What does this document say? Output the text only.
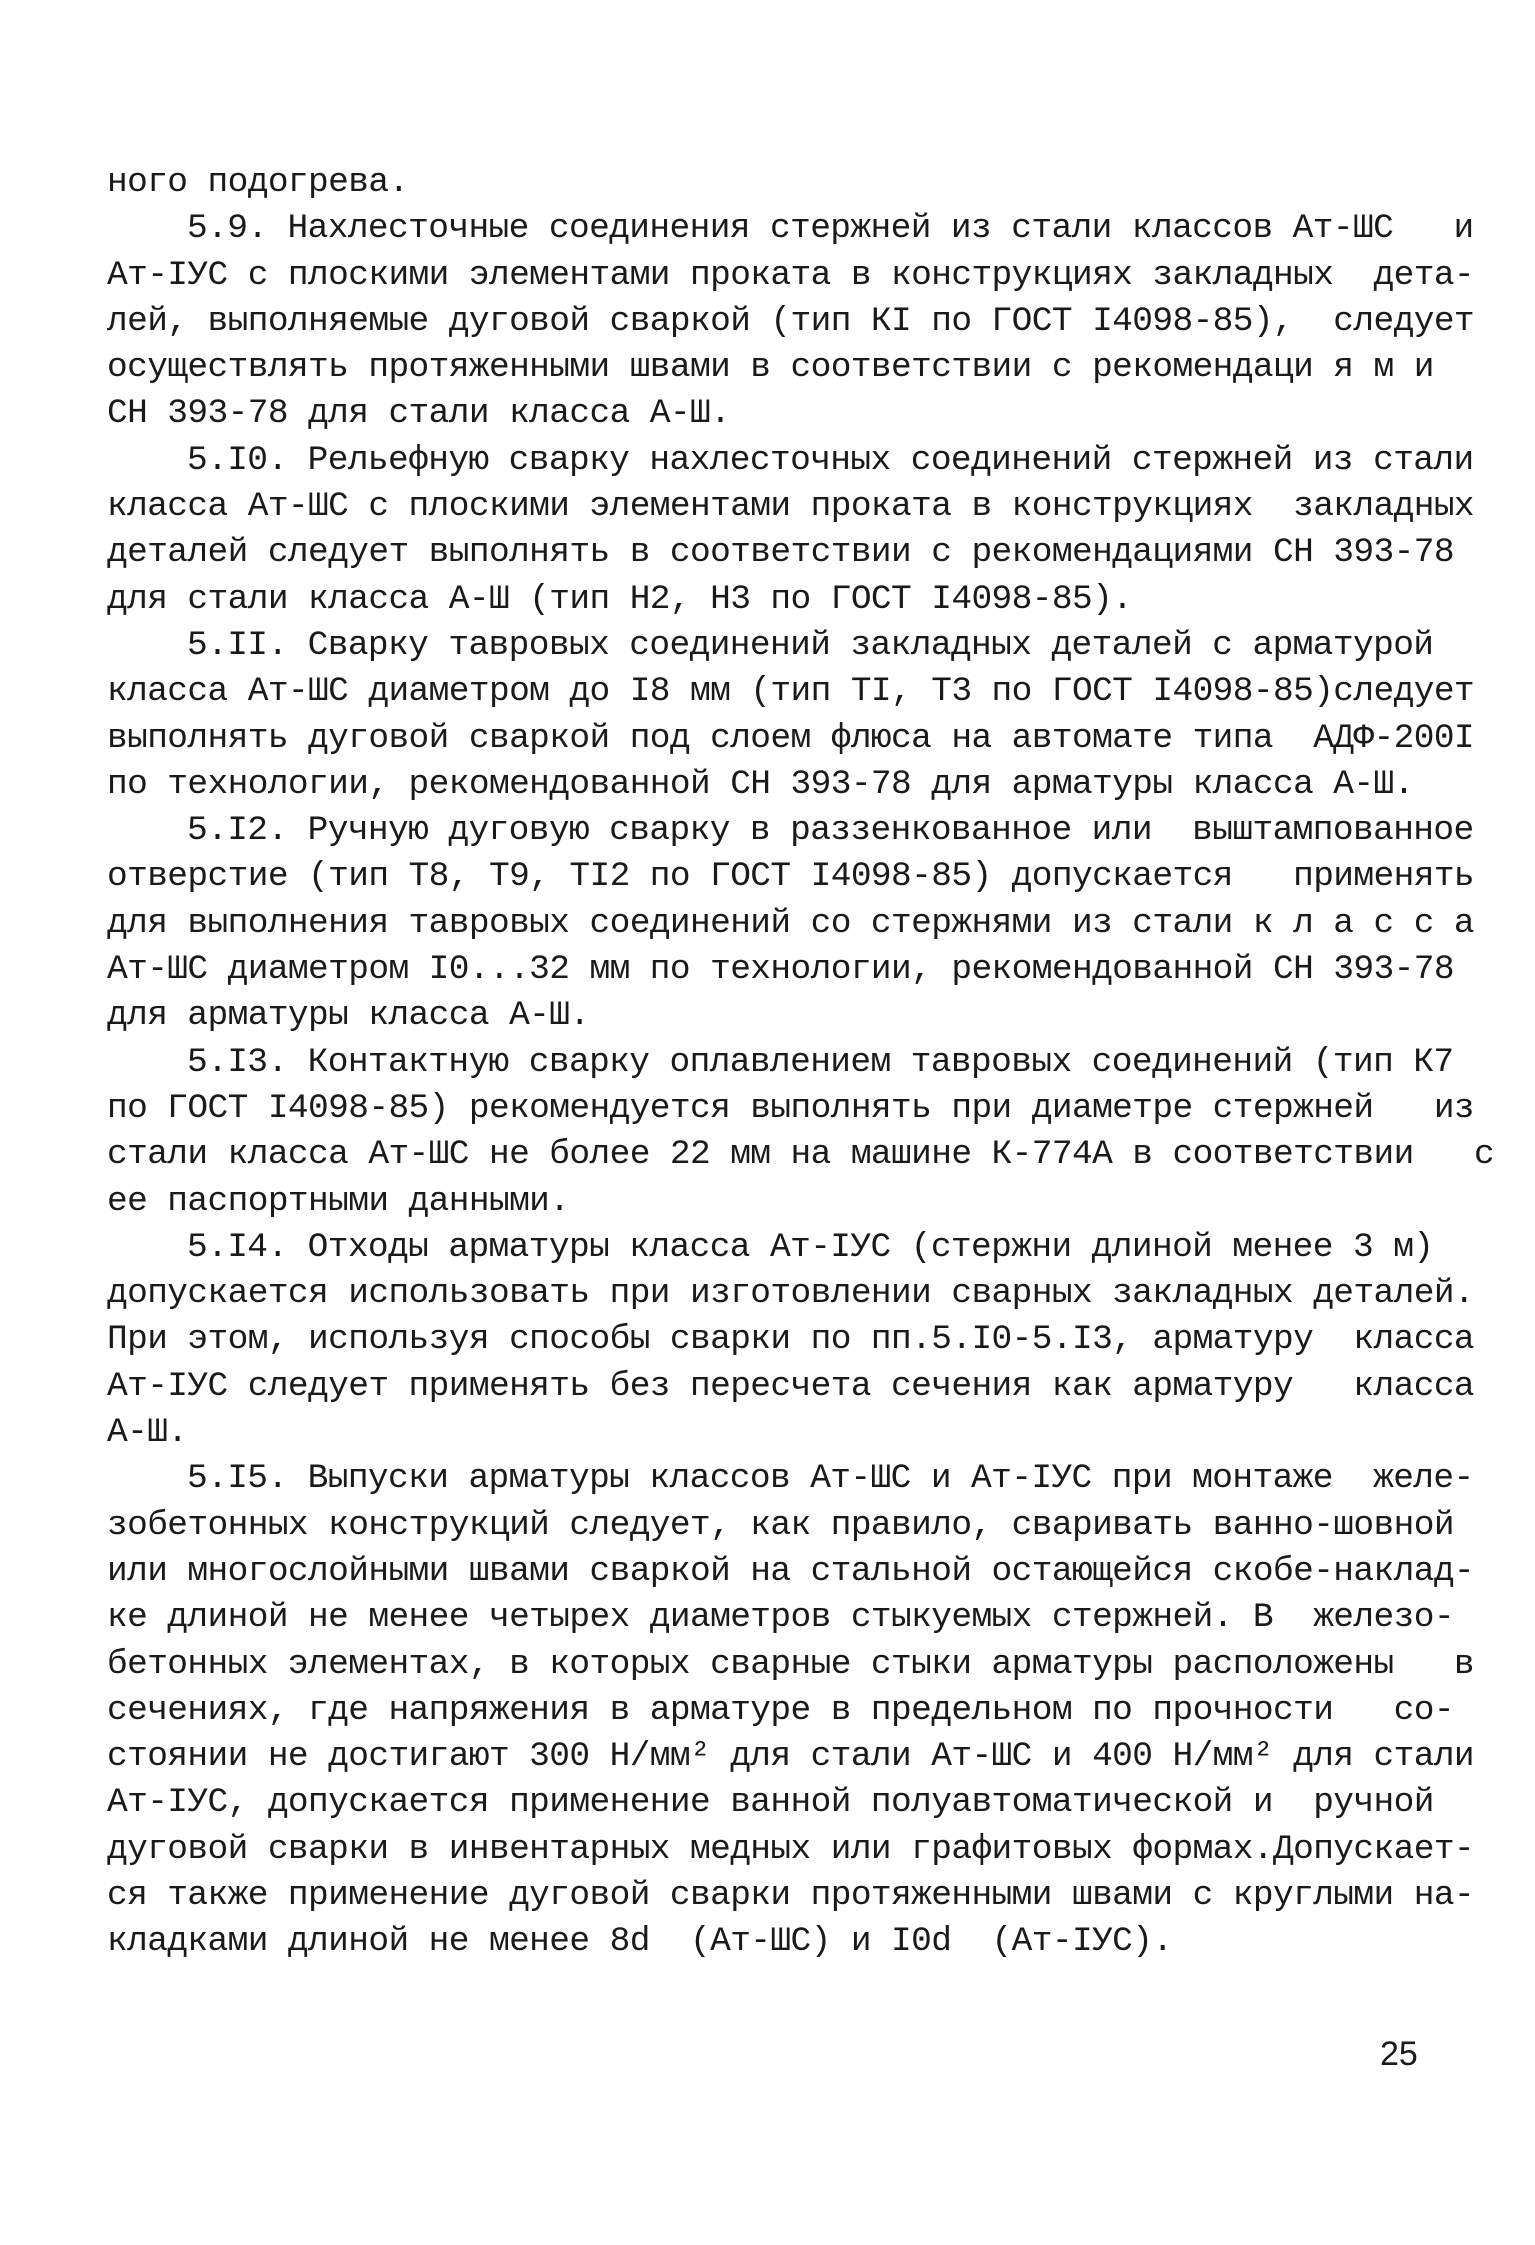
ного подогрева.
5.9. Нахлесточные соединения стержней из стали классов Ат-ШС   и
Ат-IУС с плоскими элементами проката в конструкциях закладных  дета-
лей, выполняемые дуговой сваркой (тип КI по ГОСТ I4098-85),  следует
осуществлять протяженными швами в соответствии с рекомендаци я м и
СН 393-78 для стали класса А-Ш.
5.I0. Рельефную сварку нахлесточных соединений стержней из стали
класса Ат-ШС с плоскими элементами проката в конструкциях  закладных
деталей следует выполнять в соответствии с рекомендациями СН 393-78
для стали класса А-Ш (тип Н2, Н3 по ГОСТ I4098-85).
5.II. Сварку тавровых соединений закладных деталей с арматурой
класса Ат-ШС диаметром до I8 мм (тип ТI, Т3 по ГОСТ I4098-85)следует
выполнять дуговой сваркой под слоем флюса на автомате типа  АДФ-200I
по технологии, рекомендованной СН 393-78 для арматуры класса А-Ш.
5.I2. Ручную дуговую сварку в раззенкованное или  выштампованное
отверстие (тип Т8, Т9, ТI2 по ГОСТ I4098-85) допускается   применять
для выполнения тавровых соединений со стержнями из стали к л а с с а
Ат-ШС диаметром I0...32 мм по технологии, рекомендованной СН 393-78
для арматуры класса А-Ш.
5.I3. Контактную сварку оплавлением тавровых соединений (тип К7
по ГОСТ I4098-85) рекомендуется выполнять при диаметре стержней   из
стали класса Ат-ШС не более 22 мм на машине К-774А в соответствии   с
ее паспортными данными.
5.I4. Отходы арматуры класса Ат-IУС (стержни длиной менее 3 м)
допускается использовать при изготовлении сварных закладных деталей.
При этом, используя способы сварки по пп.5.I0-5.I3, арматуру  класса
Ат-IУС следует применять без пересчета сечения как арматуру   класса
А-Ш.
5.I5. Выпуски арматуры классов Ат-ШС и Ат-IУС при монтаже  желе-
зобетонных конструкций следует, как правило, сваривать ванно-шовной
или многослойными швами сваркой на стальной остающейся скобе-наклад-
ке длиной не менее четырех диаметров стыкуемых стержней. В  железо-
бетонных элементах, в которых сварные стыки арматуры расположены   в
сечениях, где напряжения в арматуре в предельном по прочности   со-
стоянии не достигают 300 Н/мм² для стали Ат-ШС и 400 Н/мм² для стали
Ат-IУС, допускается применение ванной полуавтоматической и  ручной
дуговой сварки в инвентарных медных или графитовых формах.Допускает-
ся также применение дуговой сварки протяженными швами с круглыми на-
кладками длиной не менее 8d  (Ат-ШС) и I0d  (Ат-IУС).
25
